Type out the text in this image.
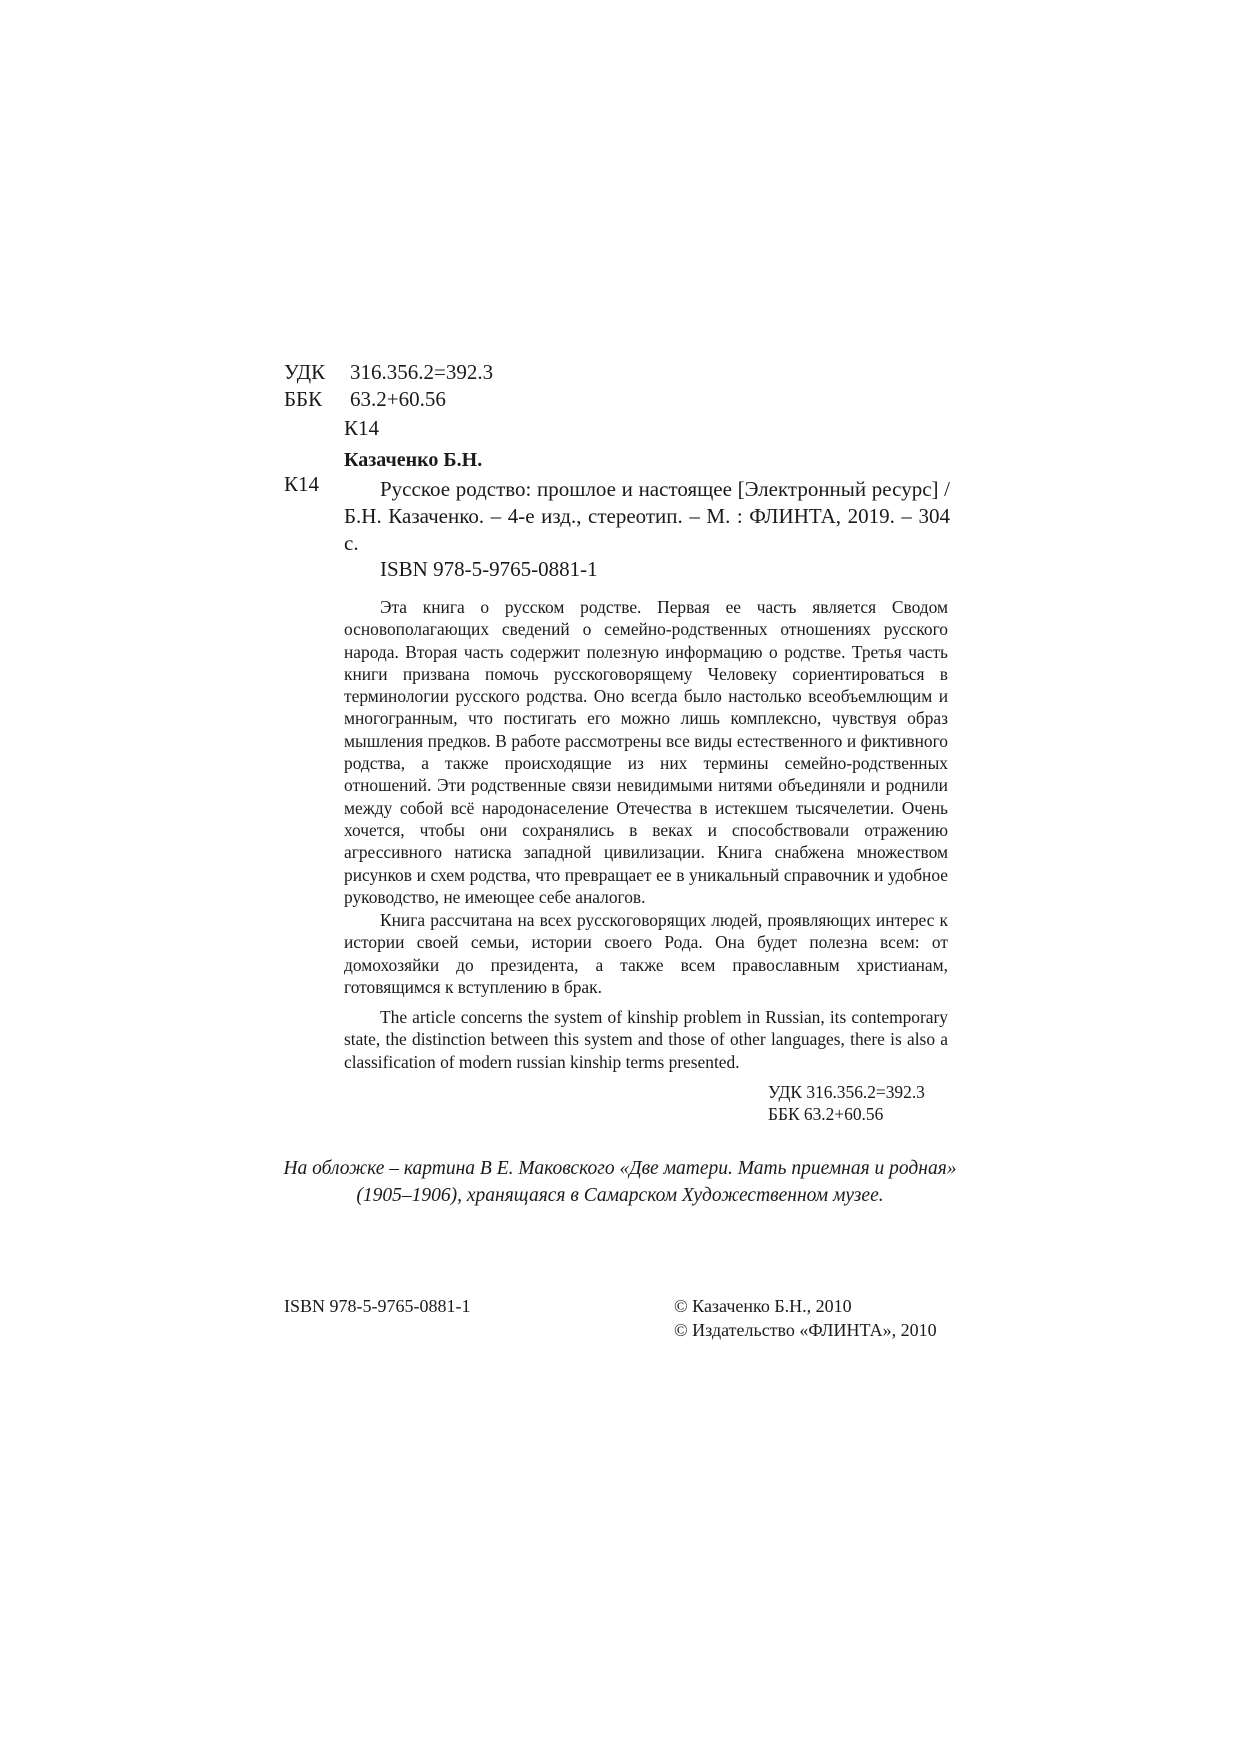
УДК 316.356.2=392.3
ББК 63.2+60.56
К14
К14
Казаченко Б.Н.
Русское родство: прошлое и настоящее [Электронный ресурс] / Б.Н. Казаченко. – 4-е изд., стереотип. – М. : ФЛИНТА, 2019. – 304 с.
ISBN 978-5-9765-0881-1

Эта книга о русском родстве. Первая ее часть является Сводом основополагающих сведений о семейно-родственных отношениях русского народа. Вторая часть содержит полезную информацию о родстве. Третья часть книги призвана помочь русскоговорящему Человеку сориентироваться в терминологии русского родства. Оно всегда было настолько всеобъемлющим и многогранным, что постигать его можно лишь комплексно, чувствуя образ мышления предков. В работе рассмотрены все виды естественного и фиктивного родства, а также происходящие из них термины семейно-родственных отношений. Эти родственные связи невидимыми нитями объединяли и роднили между собой всё народонаселение Отечества в истекшем тысячелетии. Очень хочется, чтобы они сохранялись в веках и способствовали отражению агрессивного натиска западной цивилизации. Книга снабжена множеством рисунков и схем родства, что превращает ее в уникальный справочник и удобное руководство, не имеющее себе аналогов.

Книга рассчитана на всех русскоговорящих людей, проявляющих интерес к истории своей семьи, истории своего Рода. Она будет полезна всем: от домохозяйки до президента, а также всем православным христианам, готовящимся к вступлению в брак.

The article concerns the system of kinship problem in Russian, its contemporary state, the distinction between this system and those of other languages, there is also a classification of modern russian kinship terms presented.

УДК 316.356.2=392.3
ББК 63.2+60.56
На обложке – картина В Е. Маковского «Две матери. Мать приемная и родная» (1905–1906), хранящаяся в Самарском Художественном музее.
ISBN 978-5-9765-0881-1	© Казаченко Б.Н., 2010
© Издательство «ФЛИНТА», 2010
